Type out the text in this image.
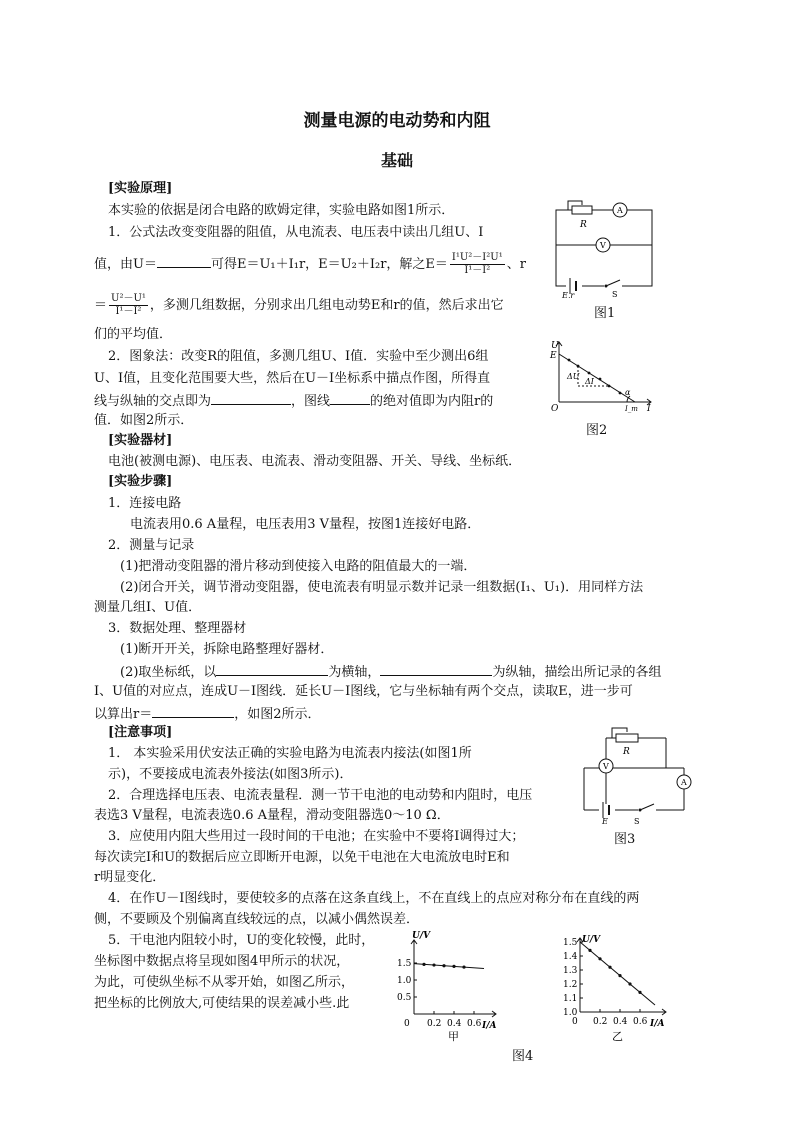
测量电源的电动势和内阻
基础
[实验原理]
本实验的依据是闭合电路的欧姆定律，实验电路如图1所示．
1．公式法改变变阻器的阻值，从电流表、电压表中读出几组U、I
值，由U＝	可得E＝U₁＋I₁r，E＝U₂＋I₂r，解之$E= \frac{\text{I¹U²－I²U¹}}{\text{I¹－I²}}$ 、r
＝ $\frac{\text{U²－U¹}}{\text{I¹－I²}}$ ，多测几组数据，分别求出几组电动势E和r的值，然后求出它
们的平均值．
2．图象法：改变R的阻值，多测几组U、I值．实验中至少测出6组
U、I值，且变化范围要大些，然后在U－I坐标系中描点作图，所得直
线与纵轴的交点即为	，图线	的绝对值即为内阻r的
值．如图2所示．
[实验器材]
电池(被测电源)、电压表、电流表、滑动变阻器、开关、导线、坐标纸．
[实验步骤]
1．连接电路
电流表用0.6 A量程，电压表用3 V量程，按图1连接好电路．
2．测量与记录
(1)把滑动变阻器的滑片移动到使接入电路的阻值最大的一端．
(2)闭合开关，调节滑动变阻器，使电流表有明显示数并记录一组数据(I₁、U₁)．用同样方法
测量几组I、U值．
3．数据处理、整理器材
(1)断开开关，拆除电路整理好器材．
(2)取坐标纸，以	为横轴，	为纵轴，描绘出所记录的各组
I、U值的对应点，连成U－I图线．延长U－I图线，它与坐标轴有两个交点，读取E，进一步可
以算出r＝	，如图2所示．
[注意事项]
1． 本实验采用伏安法正确的实验电路为电流表内接法(如图1所
示)，不要接成电流表外接法(如图3所示)．
2．合理选择电压表、电流表量程．测一节干电池的电动势和内阻时，电压
表选3 V量程，电流表选0.6 A量程，滑动变阻器选0～10 Ω．
3．应使用内阻大些用过一段时间的干电池；在实验中不要将I调得过大；
每次读完I和U的数据后应立即断开电源，以免干电池在大电流放电时E和
r明显变化．
4．在作U－I图线时，要使较多的点落在这条直线上，不在直线上的点应对称分布在直线的两
侧，不要顾及个别偏离直线较远的点，以减小偶然误差．
5．干电池内阻较小时，U的变化较慢，此时，
坐标图中数据点将呈现如图4甲所示的状况，
为此，可使纵坐标不从零开始，如图乙所示，
把坐标的比例放大,可使结果的误差减小些.此
R
A
V
E,r	S
图1
U
E
ΔU
ΔI
α
O	I_m I
图2
R
V
A
E	S
图3
U/V
I/A
0 0.2 0.4 0.6
1.5
1.0
0.5
甲
U/V
I/A
0 0.2 0.4 0.6
1.5
1.4
1.3
1.2
1.1
1.0
乙
图4
